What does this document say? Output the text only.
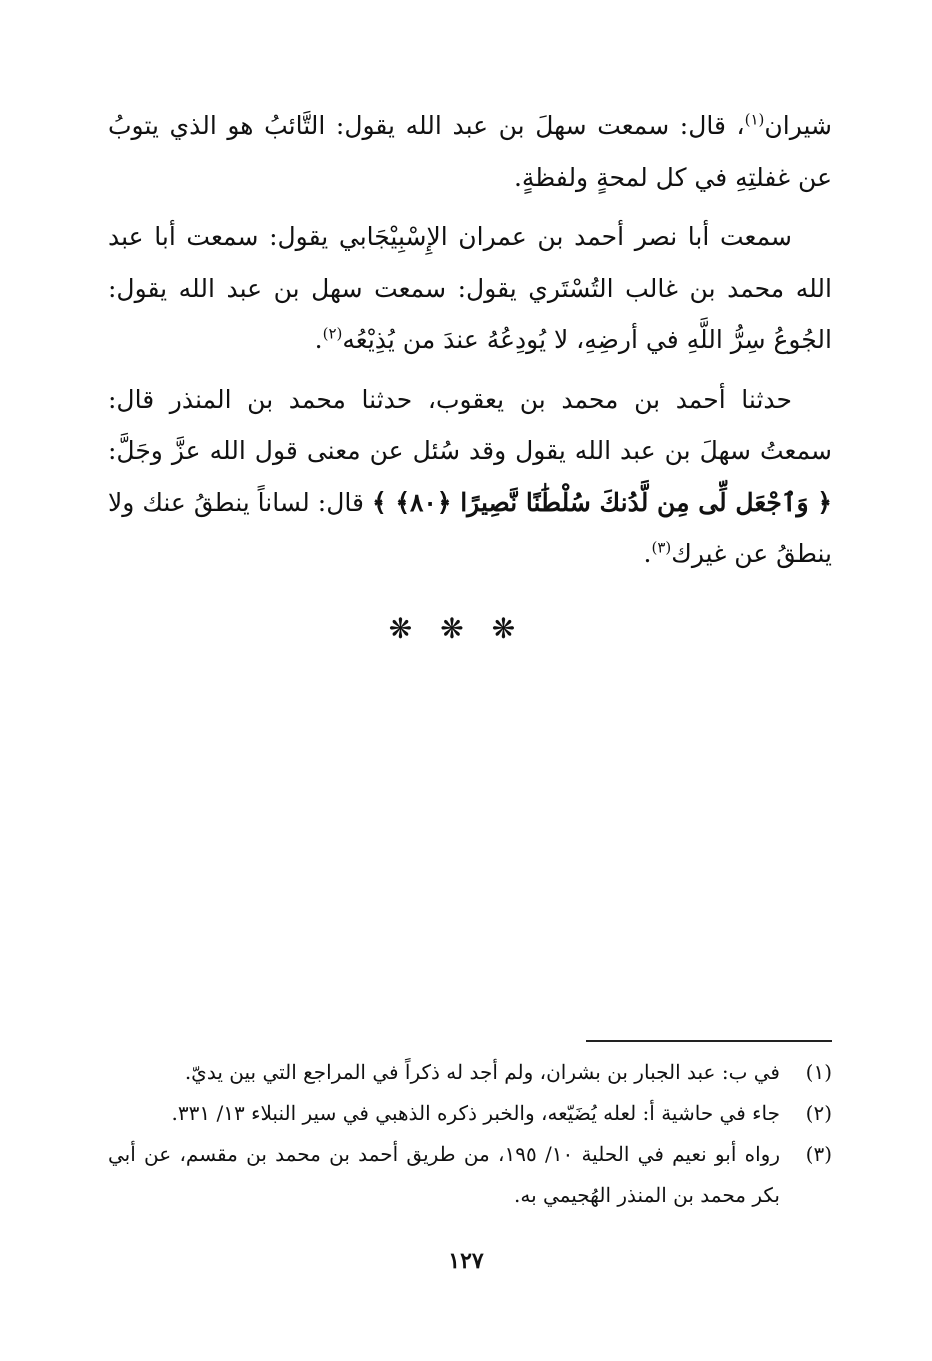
شيران$^{(١)}$، قال: سمعت سهلَ بن عبد الله يقول: التَّائبُ هو الذي يتوبُ عن غفلتِهِ في كل لمحةٍ ولفظةٍ.

سمعت أبا نصر أحمد بن عمران الإِسْبِيْجَابي يقول: سمعت أبا عبد الله محمد بن غالب التُسْتَري يقول: سمعت سهل بن عبد الله يقول: الجُوعُ سِرُّ اللَّهِ في أرضِهِ، لا يُودِعُهُ عندَ من يُذِيْعُه$^{(٢)}$.

حدثنا أحمد بن محمد بن يعقوب، حدثنا محمد بن المنذر قال: سمعتُ سهلَ بن عبد الله يقول وقد سُئل عن معنى قول الله عزَّ وجَلَّ: ﴿ وَٱجْعَل لِّى مِن لَّدُنكَ سُلْطَٰنًا نَّصِيرًا ﴿٨٠﴾ ﴾ قال: لساناً ينطقُ عنك ولا ينطقُ عن غيرك$^{(٣)}$.

❋❋❋
(١)
في ب: عبد الجبار بن بشران، ولم أجد له ذكراً في المراجع التي بين يديّ.
(٢)
جاء في حاشية أ: لعله يُضَيّعه، والخبر ذكره الذهبي في سير النبلاء ١٣/ ٣٣١.
(٣)
رواه أبو نعيم في الحلية ١٠/ ١٩٥، من طريق أحمد بن محمد بن مقسم، عن أبي بكر محمد بن المنذر الهُجيمي به.
١٢٧
